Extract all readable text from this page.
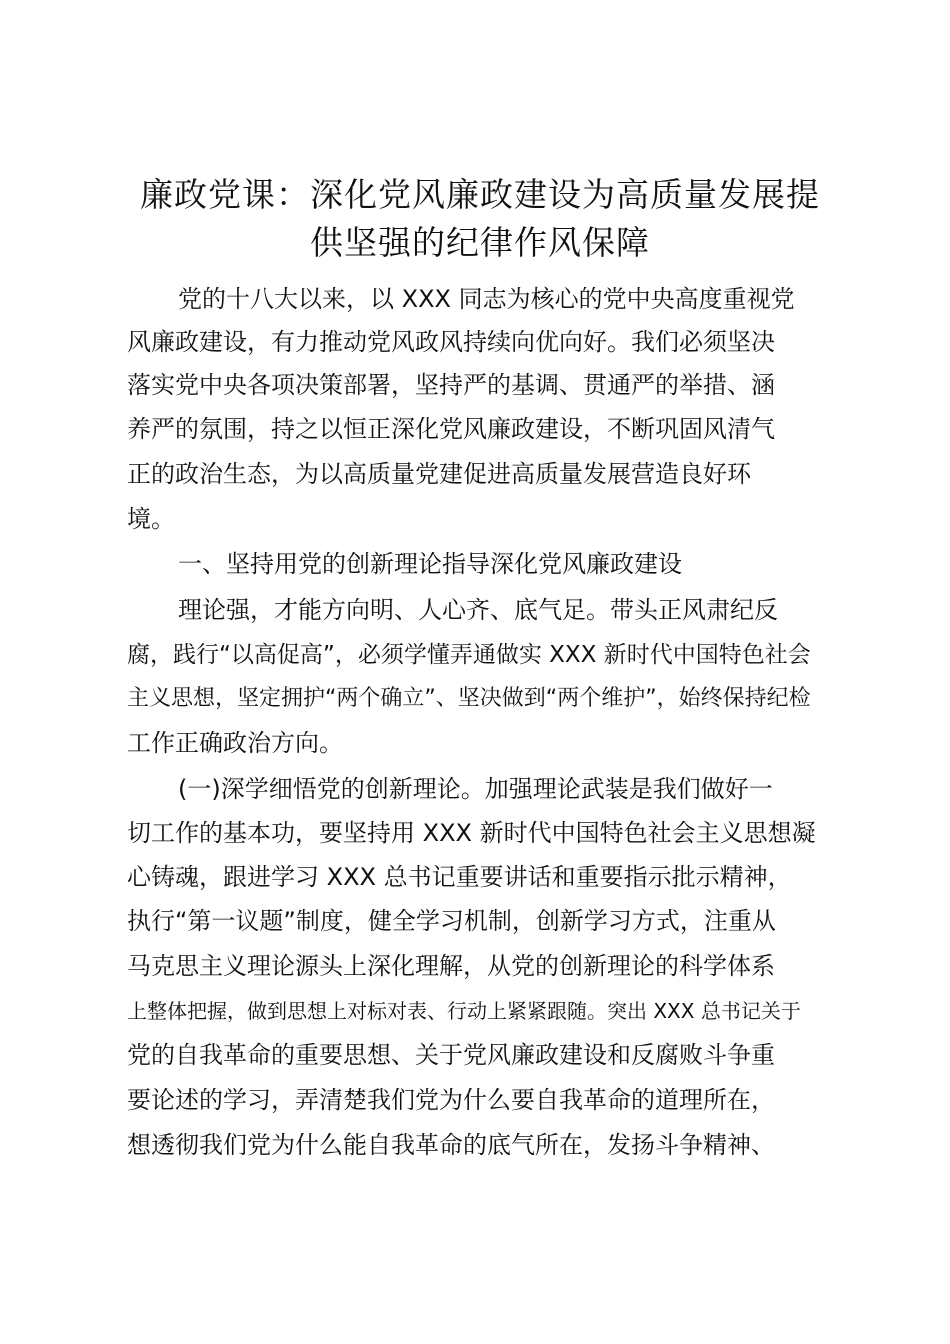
廉政党课：深化党风廉政建设为高质量发展提
供坚强的纪律作风保障

党的十八大以来，以 XXX 同志为核心的党中央高度重视党

风廉政建设，有力推动党风政风持续向优向好。我们必须坚决

落实党中央各项决策部署，坚持严的基调、贯通严的举措、涵

养严的氛围，持之以恒正深化党风廉政建设，不断巩固风清气

正的政治生态，为以高质量党建促进高质量发展营造良好环

境。

一、坚持用党的创新理论指导深化党风廉政建设

理论强，才能方向明、人心齐、底气足。带头正风肃纪反

腐，践行“以高促高”，必须学懂弄通做实 XXX 新时代中国特色社会

主义思想，坚定拥护“两个确立”、坚决做到“两个维护”，始终保持纪检

工作正确政治方向。

(一)深学细悟党的创新理论。加强理论武装是我们做好一

切工作的基本功，要坚持用 XXX 新时代中国特色社会主义思想凝

心铸魂，跟进学习 XXX 总书记重要讲话和重要指示批示精神，

执行“第一议题”制度，健全学习机制，创新学习方式，注重从

马克思主义理论源头上深化理解，从党的创新理论的科学体系

上整体把握，做到思想上对标对表、行动上紧紧跟随。突出 XXX 总书记关于

党的自我革命的重要思想、关于党风廉政建设和反腐败斗争重

要论述的学习，弄清楚我们党为什么要自我革命的道理所在，

想透彻我们党为什么能自我革命的底气所在，发扬斗争精神、
